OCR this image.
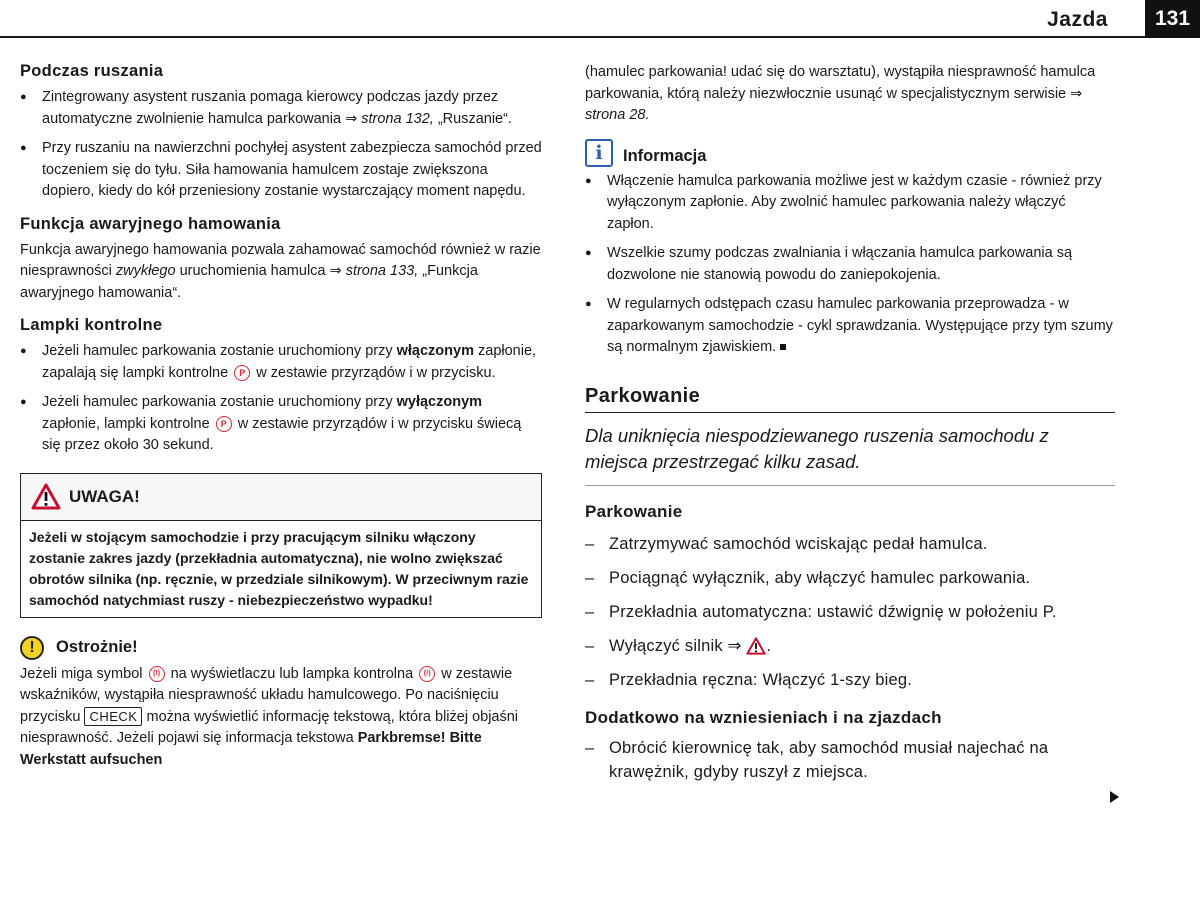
Jazda	131
Podczas ruszania

● Zintegrowany asystent ruszania pomaga kierowcy podczas jazdy przez automatyczne zwolnienie hamulca parkowania ⇒ strona 132, „Ruszanie“.

● Przy ruszaniu na nawierzchni pochyłej asystent zabezpiecza samochód przed toczeniem się do tyłu. Siła hamowania hamulcem zostaje zwiększona dopiero, kiedy do kół przeniesiony zostanie wystarczający moment napędu.

Funkcja awaryjnego hamowania

Funkcja awaryjnego hamowania pozwala zahamować samochód również w razie niesprawności zwykłego uruchomienia hamulca ⇒ strona 133, „Funkcja awaryjnego hamowania“.

Lampki kontrolne

● Jeżeli hamulec parkowania zostanie uruchomiony przy włączonym zapłonie, zapalają się lampki kontrolne P w zestawie przyrządów i w przycisku.

● Jeżeli hamulec parkowania zostanie uruchomiony przy wyłączonym zapłonie, lampki kontrolne P w zestawie przyrządów i w przycisku świecą się przez około 30 sekund.

UWAGA!
Jeżeli w stojącym samochodzie i przy pracującym silniku włączony zostanie zakres jazdy (przekładnia automatyczna), nie wolno zwiększać obrotów silnika (np. ręcznie, w przedziale silnikowym). W przeciwnym razie samochód natychmiast ruszy - niebezpieczeństwo wypadku!
!	Ostrożnie!

Jeżeli miga symbol (!) na wyświetlaczu lub lampka kontrolna (!) w zestawie wskaźników, wystąpiła niesprawność układu hamulcowego. Po naciśnięciu przycisku CHECK można wyświetlić informację tekstową, która bliżej objaśni niesprawność. Jeżeli pojawi się informacja tekstowa Parkbremse! Bitte Werkstatt aufsuchen

(hamulec parkowania! udać się do warsztatu), wystąpiła niesprawność hamulca parkowania, którą należy niezwłocznie usunąć w specjalistycznym serwisie ⇒ strona 28.

i	Informacja

● Włączenie hamulca parkowania możliwe jest w każdym czasie - również przy wyłączonym zapłonie. Aby zwolnić hamulec parkowania należy włączyć zapłon.

● Wszelkie szumy podczas zwalniania i włączania hamulca parkowania są dozwolone nie stanowią powodu do zaniepokojenia.

● W regularnych odstępach czasu hamulec parkowania przeprowadza - w zaparkowanym samochodzie - cykl sprawdzania. Występujące przy tym szumy są normalnym zjawiskiem.

Parkowanie
Dla uniknięcia niespodziewanego ruszenia samochodu z miejsca przestrzegać kilku zasad.
Parkowanie
– Zatrzymywać samochód wciskając pedał hamulca.
– Pociągnąć wyłącznik, aby włączyć hamulec parkowania.
– Przekładnia automatyczna: ustawić dźwignię w położeniu P.
– Wyłączyć silnik ⇒ .
– Przekładnia ręczna: Włączyć 1-szy bieg.
Dodatkowo na wzniesieniach i na zjazdach
– Obrócić kierownicę tak, aby samochód musiał najechać na krawężnik, gdyby ruszył z miejsca.
